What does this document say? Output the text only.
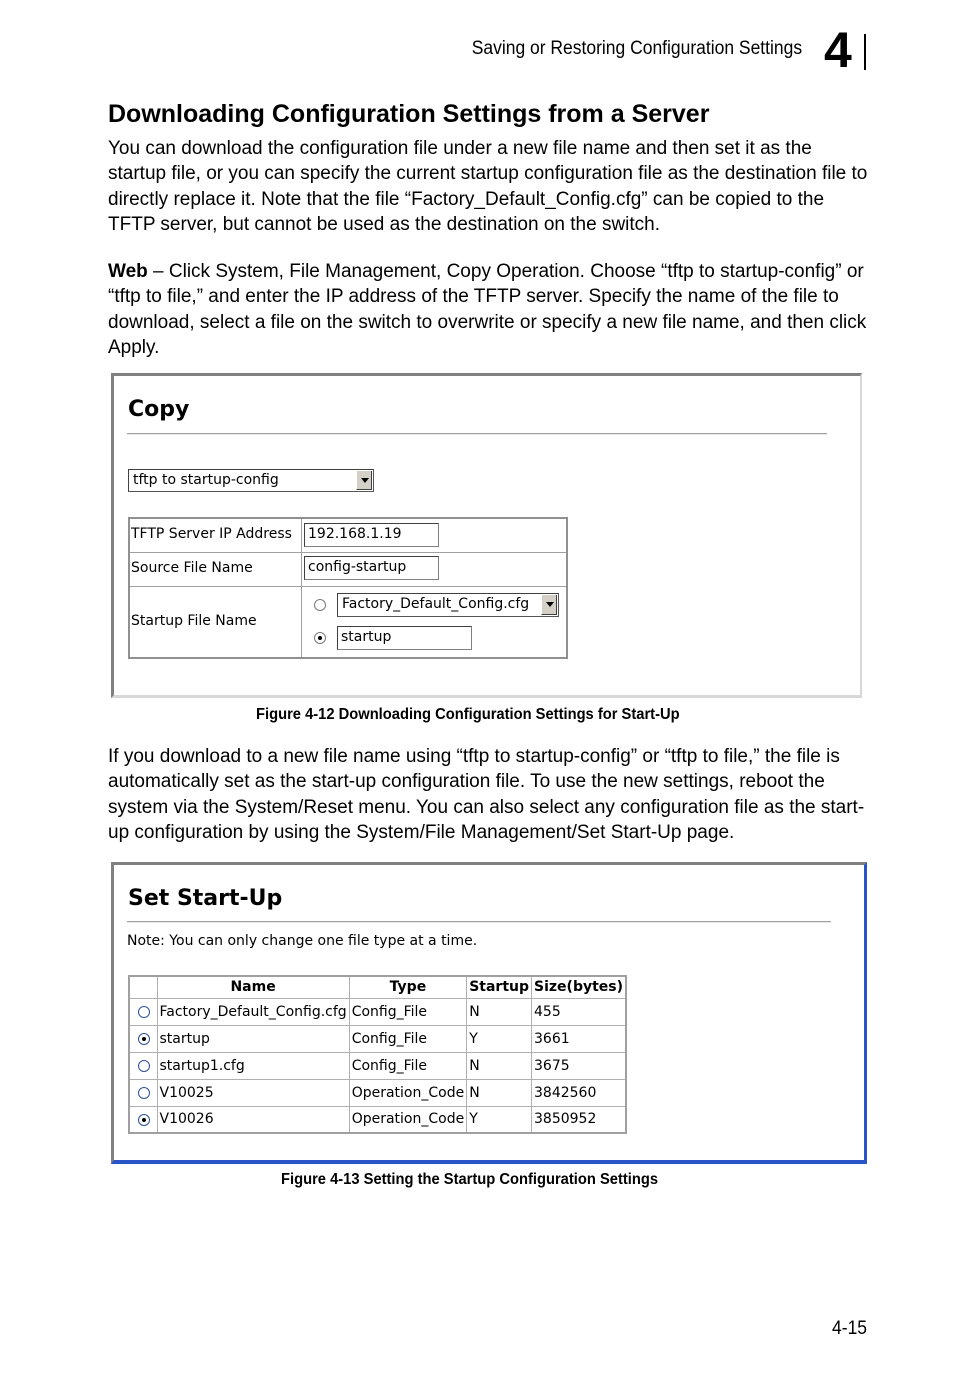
Saving or Restoring Configuration Settings 4
Downloading Configuration Settings from a Server

You can download the configuration file under a new file name and then set it as the startup file, or you can specify the current startup configuration file as the destination file to directly replace it. Note that the file “Factory_Default_Config.cfg” can be copied to the TFTP server, but cannot be used as the destination on the switch.

Web – Click System, File Management, Copy Operation. Choose “tftp to startup-config” or “tftp to file,” and enter the IP address of the TFTP server. Specify the name of the file to download, select a file on the switch to overwrite or specify a new file name, and then click Apply.

Copy
tftp to startup-config
TFTP Server IP Address 192.168.1.19
Source File Name	config-startup
Startup File Name
Factory_Default_Config.cfg
startup
Figure 4-12 Downloading Configuration Settings for Start-Up

If you download to a new file name using “tftp to startup-config” or “tftp to file,” the file is automatically set as the start-up configuration file. To use the new settings, reboot the system via the System/Reset menu. You can also select any configuration file as the start-up configuration by using the System/File Management/Set Start-Up page.

Set Start-Up
Note: You can only change one file type at a time.
	Name	Type	Startup	Size(bytes)

	Factory_Default_Config.cfg	Config_File	N	455

	startup	Config_File	Y	3661

	startup1.cfg	Config_File	N	3675

	V10025	Operation_Code	N	3842560

	V10026	Operation_Code	Y	3850952
Figure 4-13 Setting the Startup Configuration Settings
4-15
